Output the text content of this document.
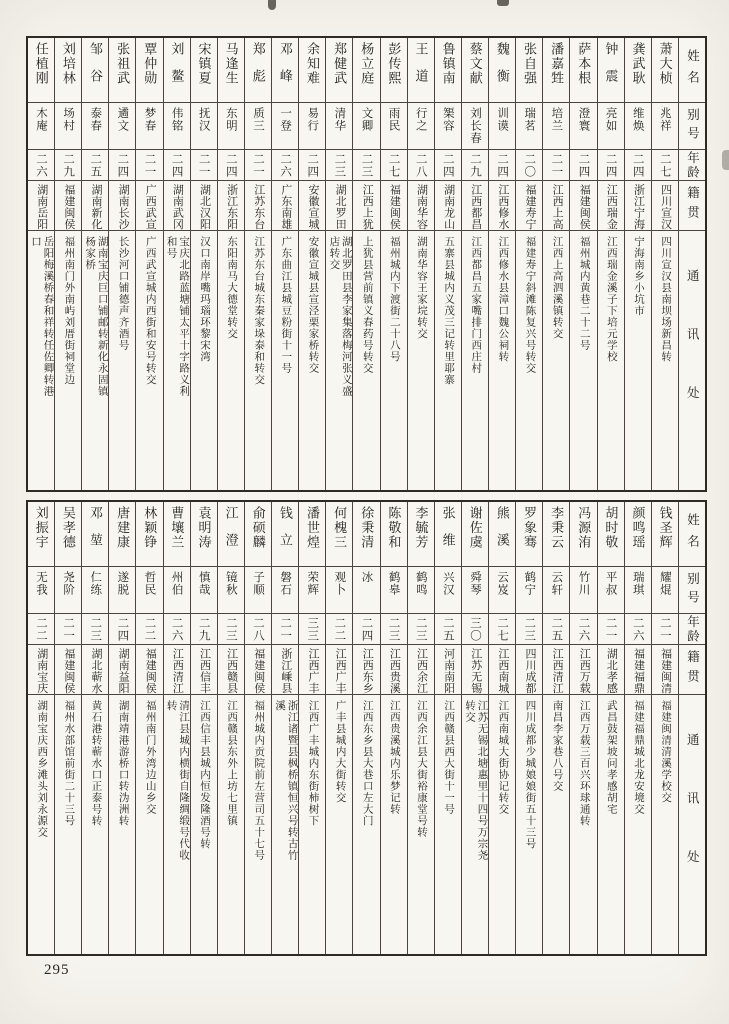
姓名
别号
年龄
籍贯
通讯处
萧大桢
兆祥
二七
四川宣汉
四川宣汉县南坝场新昌转
龚武耿
维焕
二四
浙江宁海
宁海南乡小坑市
钟震
亮如
二四
江西瑞金
江西瑞金溪子下培元学校
萨本根
澄寰
二四
福建闽侯
福州城内黄巷二十二号
潘嘉甡
培兰
二一
江西上高
江西上高泗溪镇转交
张自强
瑞茗
二〇
福建寿宁
福建寿宁斜滩陈复兴号转交
魏衡
训谟
二四
江西修水
江西修水县漳口魏公祠转
蔡文献
刘长春
二九
江西都昌
江西都昌五家嘴排门西庄村
鲁镇南
榘容
二四
湖南龙山
五寨县城内义茂三记转里耶寨
王道
行之
二八
湖南华容
湖南华容王家垸转交
彭传熙
雨民
二七
福建闽侯
福州城内下渡街二十八号
杨立庭
文卿
二三
江西上犹
上犹县营前镇义春药号转交
郑健武
清华
二三
湖北罗田
湖北罗田县李家集落梅河张义盛店转交
余知难
易行
二四
安徽宣城
安徽宣城县宣泾栗家桥转交
邓峰
一登
二六
广东南雄
广东曲江县城豆粉街十一号
郑彪
质三
二一
江苏东台
江苏东台城东秦家垛泰和转交
马逢生
东明
二四
浙江东阳
东阳南马大德堂转交
宋镇夏
抚汉
二一
湖北汉阳
汉口南岸嘴玛瑙环黎宋湾
刘鳌
伟铭
二四
湖南武冈
宝庆北路蓝塘铺太平十字路义利和号
覃仲勋
梦春
二一
广西武宣
广西武宣城内西街和安号转交
张祖武
遹文
二四
湖南长沙
长沙河口铺德声齐酒号
邹谷
泰春
二五
湖南新化
湖南宝庆巨口铺邮转新化永固镇杨家桥
刘培林
场村
二九
福建闽侯
福州南门外南屿刘厝街祠堂边
任植刚
木庵
二六
湖南岳阳
岳阳梅溪桥春和祥转任佐卿转港口
姓名
别号
年龄
籍贯
通讯处
钱圣辉
耀焜
二一
福建闽清
福建闽清清溪学校交
颜鸣瑶
瑞琪
二六
福建福鼎
福建福鼎城北龙安境交
胡时敬
平叔
二一
湖北孝感
武昌鼓架坡问孝感胡宅
冯源洧
竹川
二六
江西万载
江西万载三百兴环球通转
李秉云
云轩
二五
江西清江
南昌李家巷八号交
罗象骞
鹤宁
二三
四川成都
四川成都少城娘娘街五十三号
熊溪
云岌
二七
江西南城
江西南城大街协记转交
谢佐虞
舜琴
三〇
江苏无锡
江苏无锡北塘惠里十四号万宗尧转交
张维
兴汉
二五
河南南阳
江西赣县西大街十一号
李毓芳
鹤鸣
二三
江西余江
江西余江县大街裕康堂号转
陈敬和
鹤皋
二三
江西贵溪
江西贵溪城内乐梦记转
徐秉清
冰
二四
江西东乡
江西东乡县大巷口左大门
何槐三
观卜
二二
江西广丰
广丰县城内大街转交
潘世煌
荣辉
三三
江西广丰
江西广丰城内东街柿树下
钱立
磐石
二一
浙江嵊县
浙江诸暨县枫桥镇恒兴号转古竹溪
俞硕麟
子顺
二八
福建闽侯
福州城内贡院前左营司五十七号
江澄
镜秋
二三
江西赣县
江西赣县东外上坊七里镇
袁明涛
慎哉
二九
江西信丰
江西信丰县城内恒发隆酒号转
曹壤兰
州伯
二六
江西清江
清江县城内横街自隆绸缎号代收转
林颖铮
哲民
二二
福建闽侯
福州南门外湾边山乡交
唐建康
遂脱
二四
湖南益阳
湖南靖港游桥口转沩洲转
邓堃
仁练
二三
湖北蕲水
黄石港转蕲水口正泰号转
吴孝德
尧阶
二一
福建闽侯
福州水部馆前街二十三号
刘振宇
无我
二二
湖南宝庆
湖南宝庆西乡滩头刘永源交
295
